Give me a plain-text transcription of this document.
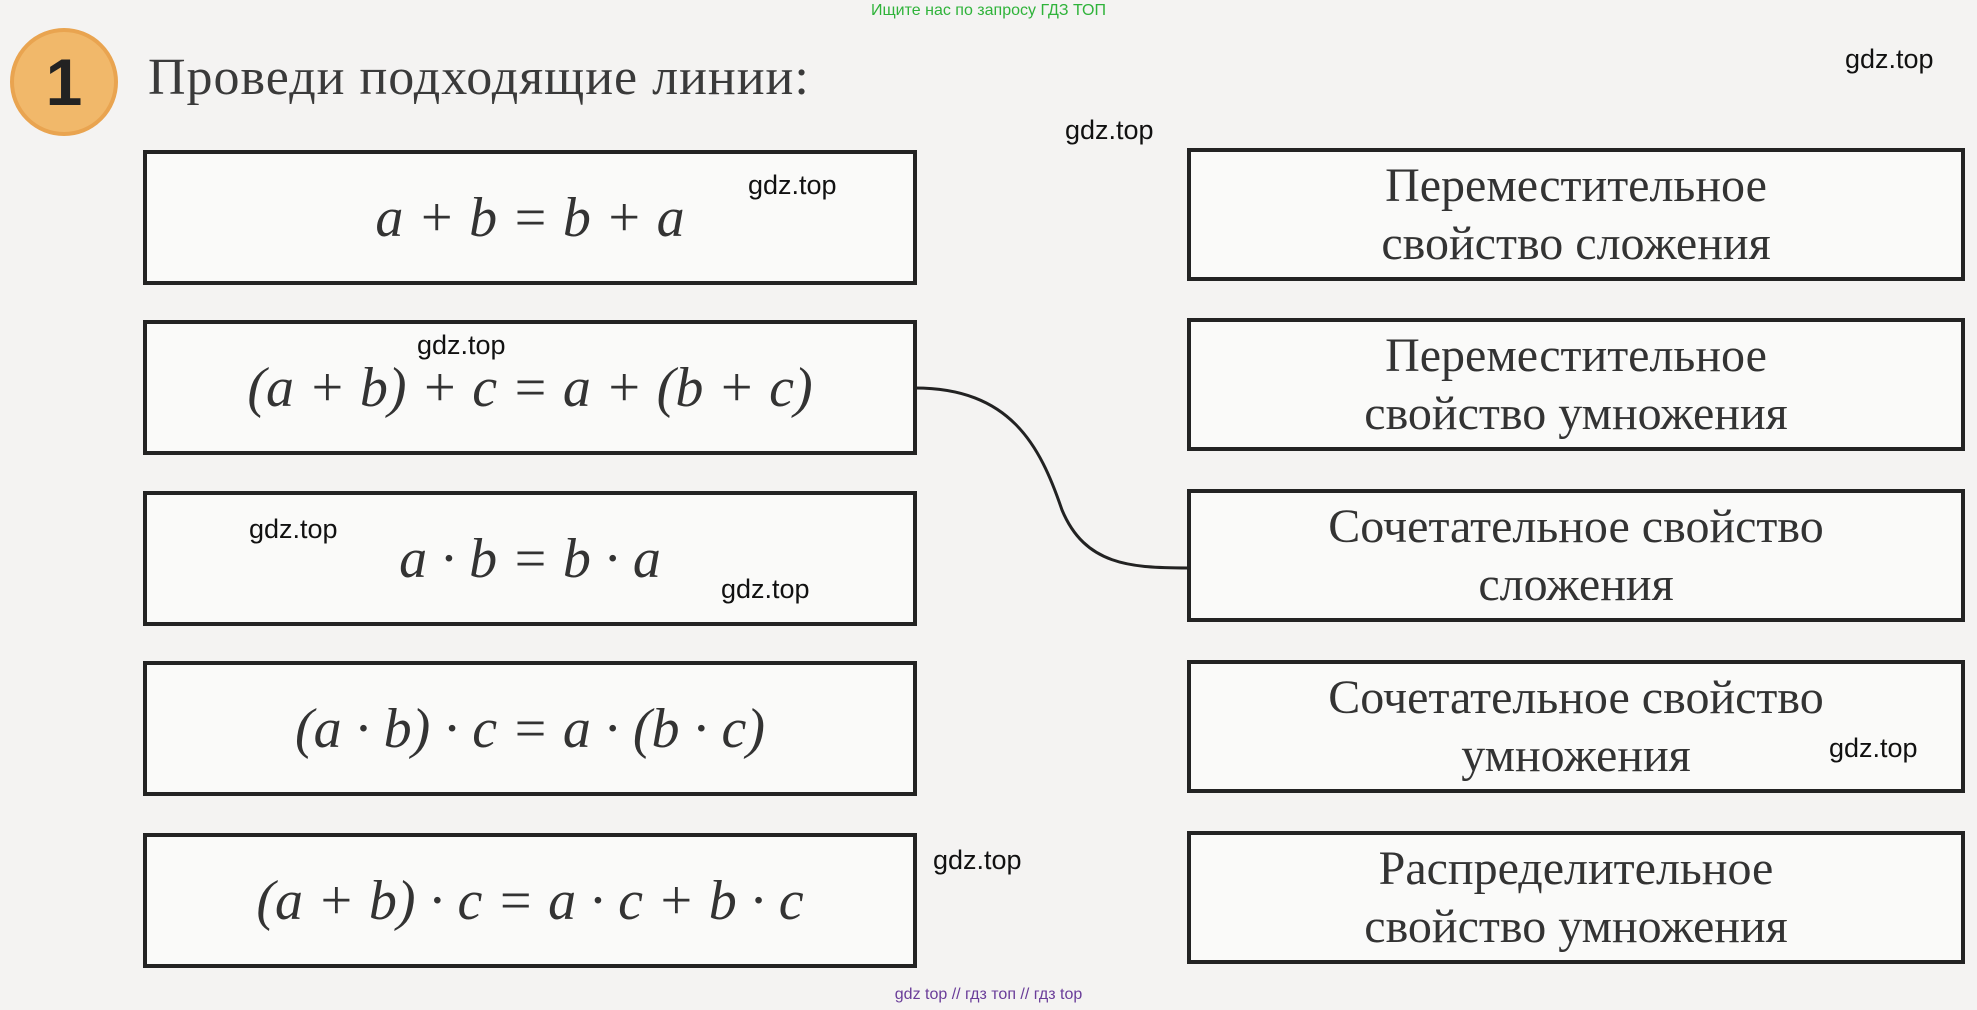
Ищите нас по запросу ГДЗ ТОП
1 Проведи подходящие линии:
a + b = b + a
(a + b) + c = a + (b + c)
a · b = b · a
(a · b) · c = a · (b · c)
(a + b) · c = a · c + b · c
Переместительное
свойство сложения
Переместительное
свойство умножения
Сочетательное свойство
сложения
Сочетательное свойство
умножения
Распределительное
свойство умножения
gdz.top
gdz.top
gdz.top
gdz.top
gdz.top
gdz.top
gdz.top
gdz.top
gdz top // гдз топ // гдз top
